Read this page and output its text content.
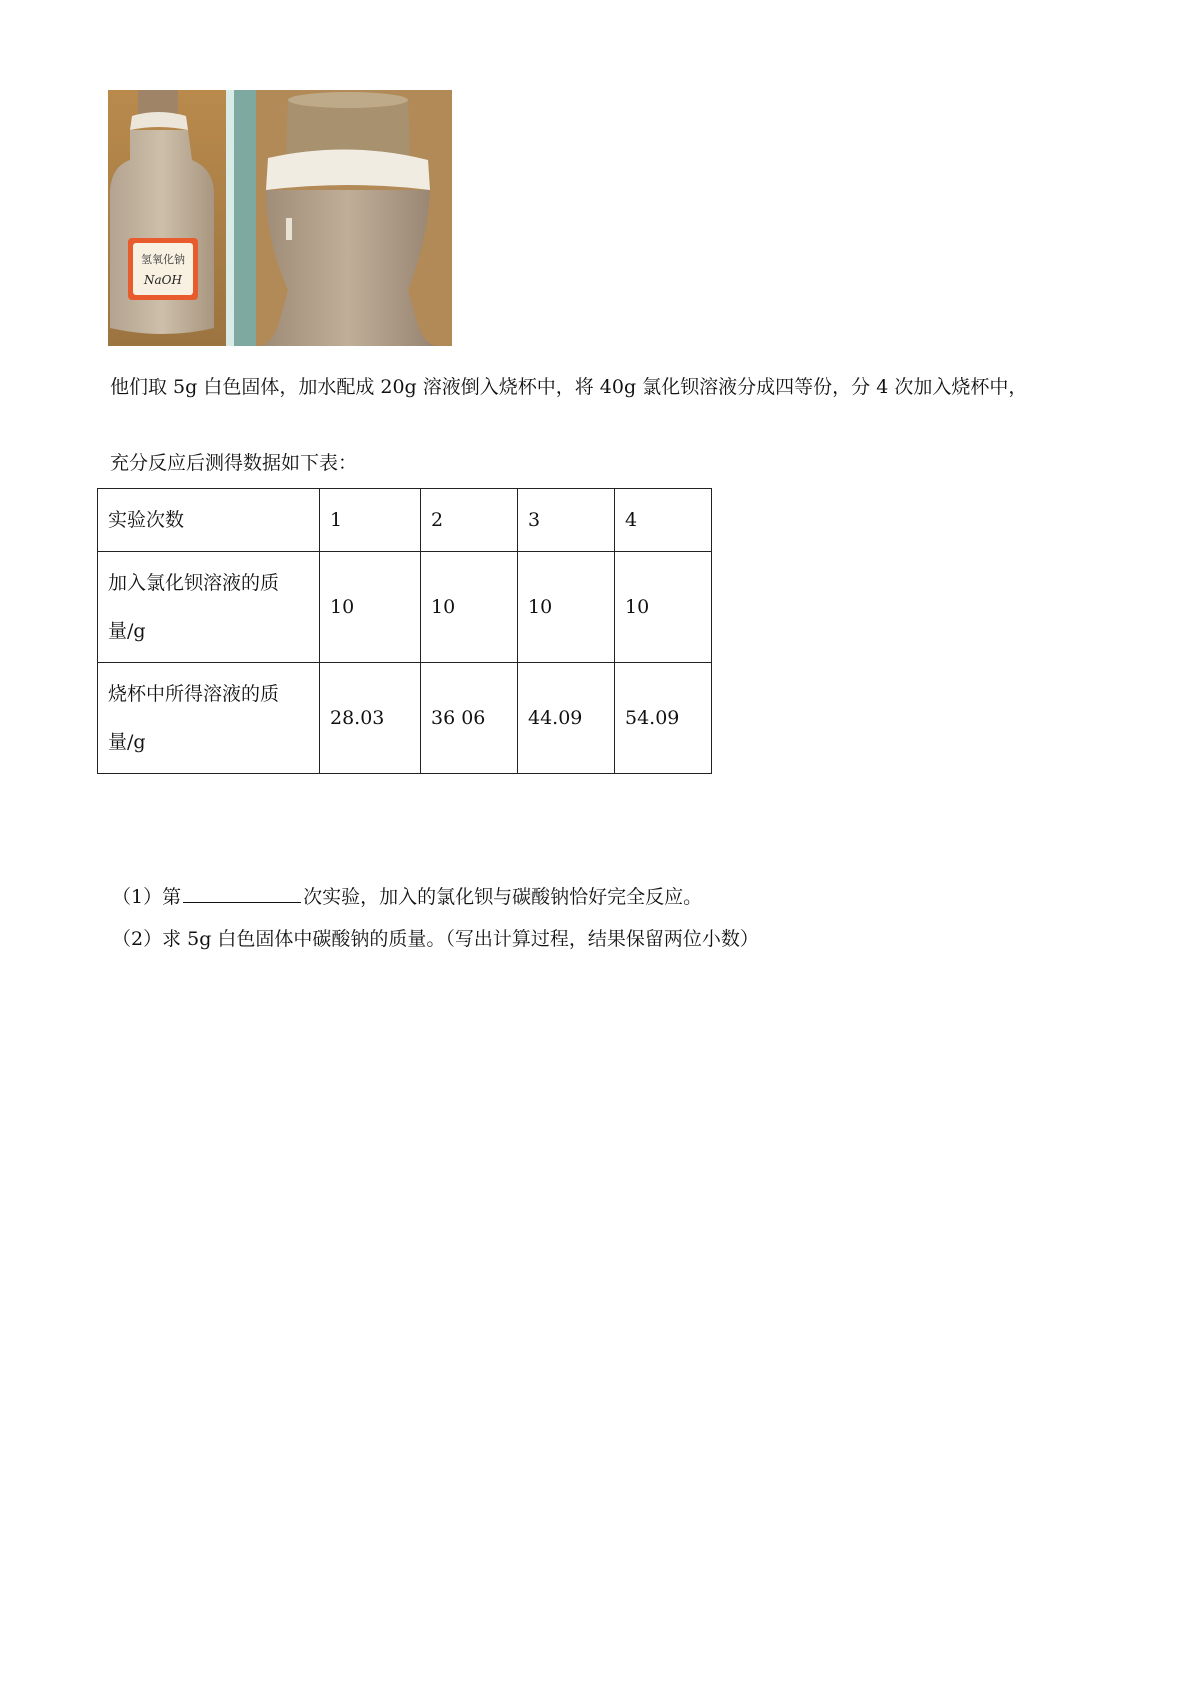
氢氧化钠
NaOH
他们取 5g 白色固体，加水配成 20g 溶液倒入烧杯中，将 40g 氯化钡溶液分成四等份，分 4 次加入烧杯中，
充分反应后测得数据如下表：
实验次数	1	2	3	4
加入氯化钡溶液的质量/g	10	10	10	10
烧杯中所得溶液的质量/g	28.03	36 06	44.09	54.09
（1）第	次实验，加入的氯化钡与碳酸钠恰好完全反应。
（2）求 5g 白色固体中碳酸钠的质量。（写出计算过程，结果保留两位小数）
